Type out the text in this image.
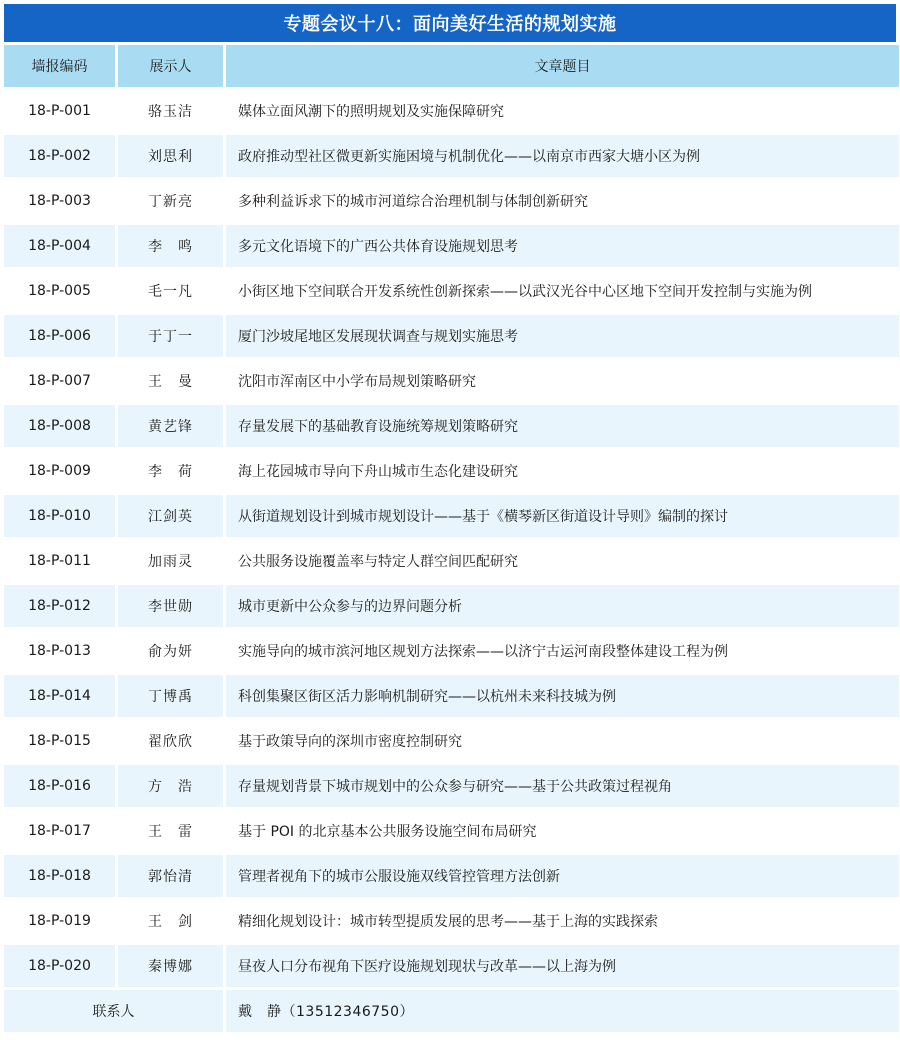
专题会议十八：面向美好生活的规划实施
墙报编码	展示人	文章题目
18-P-001	骆玉洁	媒体立面风潮下的照明规划及实施保障研究
18-P-002	刘思利	政府推动型社区微更新实施困境与机制优化——以南京市西家大塘小区为例
18-P-003	丁新亮	多种利益诉求下的城市河道综合治理机制与体制创新研究
18-P-004	李　鸣	多元文化语境下的广西公共体育设施规划思考
18-P-005	毛一凡	小街区地下空间联合开发系统性创新探索——以武汉光谷中心区地下空间开发控制与实施为例
18-P-006	于丁一	厦门沙坡尾地区发展现状调查与规划实施思考
18-P-007	王　曼	沈阳市浑南区中小学布局规划策略研究
18-P-008	黄艺锋	存量发展下的基础教育设施统筹规划策略研究
18-P-009	李　荷	海上花园城市导向下舟山城市生态化建设研究
18-P-010	江剑英	从街道规划设计到城市规划设计——基于《横琴新区街道设计导则》编制的探讨
18-P-011	加雨灵	公共服务设施覆盖率与特定人群空间匹配研究
18-P-012	李世勋	城市更新中公众参与的边界问题分析
18-P-013	俞为妍	实施导向的城市滨河地区规划方法探索——以济宁古运河南段整体建设工程为例
18-P-014	丁博禹	科创集聚区街区活力影响机制研究——以杭州未来科技城为例
18-P-015	翟欣欣	基于政策导向的深圳市密度控制研究
18-P-016	方　浩	存量规划背景下城市规划中的公众参与研究——基于公共政策过程视角
18-P-017	王　雷	基于 POI 的北京基本公共服务设施空间布局研究
18-P-018	郭怡清	管理者视角下的城市公服设施双线管控管理方法创新
18-P-019	王　剑	精细化规划设计：城市转型提质发展的思考——基于上海的实践探索
18-P-020	秦博娜	昼夜人口分布视角下医疗设施规划现状与改革——以上海为例
联系人	戴　静（13512346750）
